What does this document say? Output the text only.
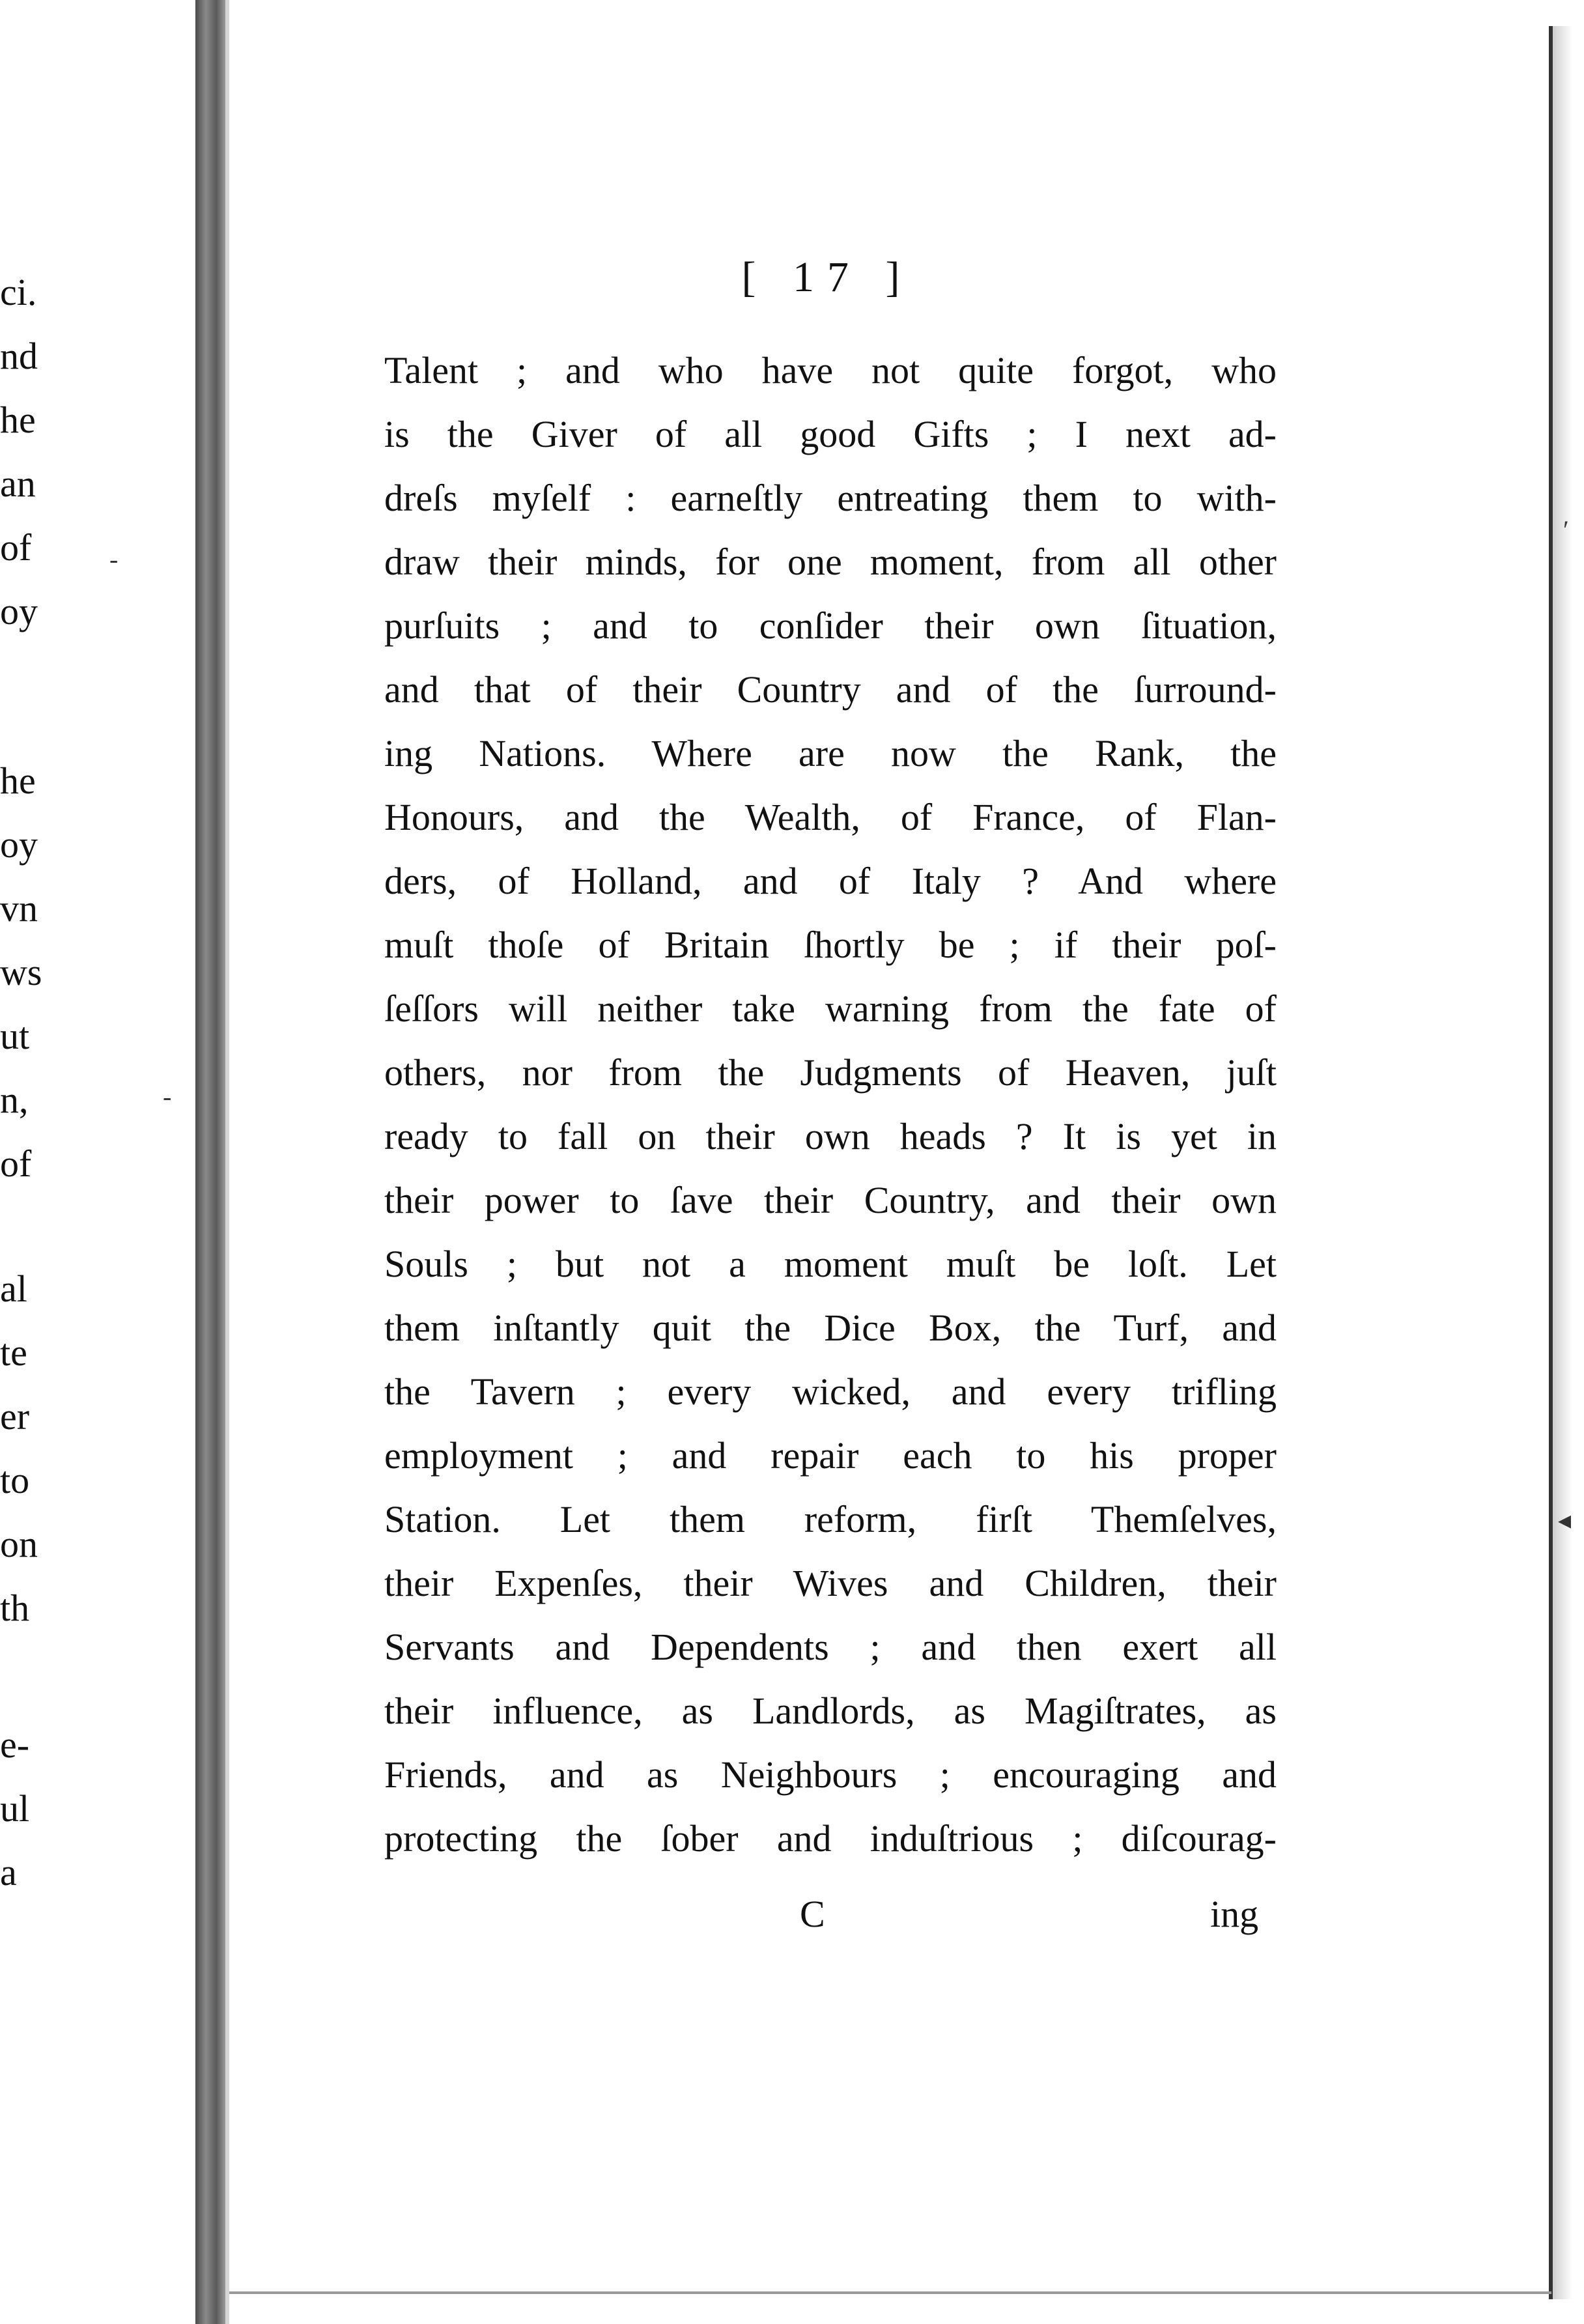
ci.
nd
he
an
of
oy
he
oy
vn
ws
ut
n,
of
al
te
er
to
on
th
e-
ul
a
‐
-
′
◂
[ 17 ]
Talent ; and who have not quite forgot, who
is the Giver of all good Gifts ; I next ad-
dreſs myſelf : earneſtly entreating them to with-
draw their minds, for one moment, from all other
purſuits ; and to conſider their own ſituation,
and that of their Country and of the ſurround-
ing Nations. Where are now the Rank, the
Honours, and the Wealth, of France, of Flan-
ders, of Holland, and of Italy ? And where
muſt thoſe of Britain ſhortly be ; if their poſ-
ſeſſors will neither take warning from the fate of
others, nor from the Judgments of Heaven, juſt
ready to fall on their own heads ? It is yet in
their power to ſave their Country, and their own
Souls ; but not a moment muſt be loſt. Let
them inſtantly quit the Dice Box, the Turf, and
the Tavern ; every wicked, and every trifling
employment ; and repair each to his proper
Station. Let them reform, firſt Themſelves,
their Expenſes, their Wives and Children, their
Servants and Dependents ; and then exert all
their influence, as Landlords, as Magiſtrates, as
Friends, and as Neighbours ; encouraging and
protecting the ſober and induſtrious ; diſcourag-
C	ing
